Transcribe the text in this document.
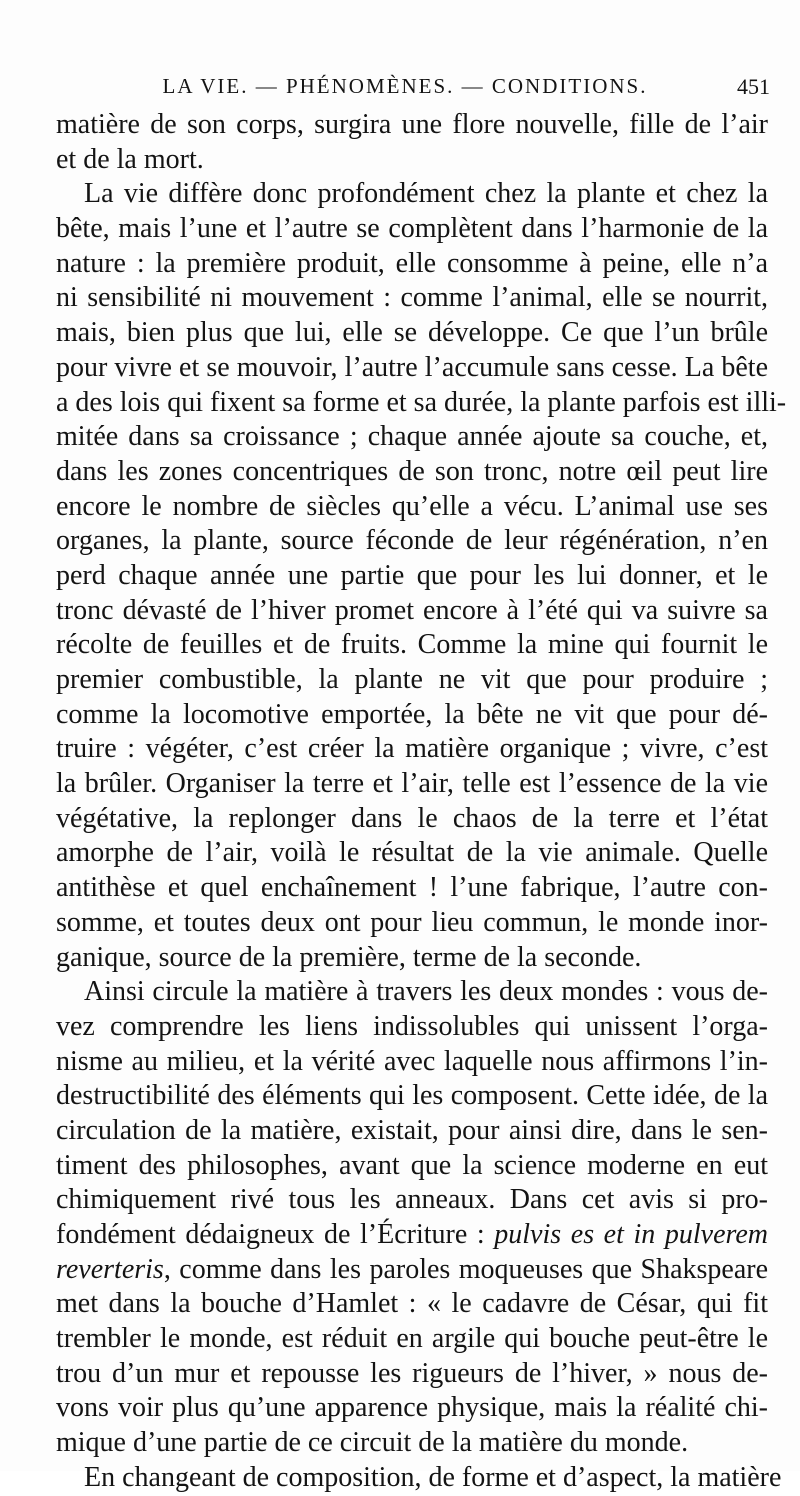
LA VIE. — PHÉNOMÈNES. — CONDITIONS.	451
matière de son corps, surgira une flore nouvelle, fille de l’air
et de la mort.
La vie diffère donc profondément chez la plante et chez la
bête, mais l’une et l’autre se complètent dans l’harmonie de la
nature : la première produit, elle consomme à peine, elle n’a
ni sensibilité ni mouvement : comme l’animal, elle se nourrit,
mais, bien plus que lui, elle se développe. Ce que l’un brûle
pour vivre et se mouvoir, l’autre l’accumule sans cesse. La bête
a des lois qui fixent sa forme et sa durée, la plante parfois est illi-
mitée dans sa croissance ; chaque année ajoute sa couche, et,
dans les zones concentriques de son tronc, notre œil peut lire
encore le nombre de siècles qu’elle a vécu. L’animal use ses
organes, la plante, source féconde de leur régénération, n’en
perd chaque année une partie que pour les lui donner, et le
tronc dévasté de l’hiver promet encore à l’été qui va suivre sa
récolte de feuilles et de fruits. Comme la mine qui fournit le
premier combustible, la plante ne vit que pour produire ;
comme la locomotive emportée, la bête ne vit que pour dé-
truire : végéter, c’est créer la matière organique ; vivre, c’est
la brûler. Organiser la terre et l’air, telle est l’essence de la vie
végétative, la replonger dans le chaos de la terre et l’état
amorphe de l’air, voilà le résultat de la vie animale. Quelle
antithèse et quel enchaînement ! l’une fabrique, l’autre con-
somme, et toutes deux ont pour lieu commun, le monde inor-
ganique, source de la première, terme de la seconde.
Ainsi circule la matière à travers les deux mondes : vous de-
vez comprendre les liens indissolubles qui unissent l’orga-
nisme au milieu, et la vérité avec laquelle nous affirmons l’in-
destructibilité des éléments qui les composent. Cette idée, de la
circulation de la matière, existait, pour ainsi dire, dans le sen-
timent des philosophes, avant que la science moderne en eut
chimiquement rivé tous les anneaux. Dans cet avis si pro-
fondément dédaigneux de l’Écriture : pulvis es et in pulverem
reverteris, comme dans les paroles moqueuses que Shakspeare
met dans la bouche d’Hamlet : « le cadavre de César, qui fit
trembler le monde, est réduit en argile qui bouche peut-être le
trou d’un mur et repousse les rigueurs de l’hiver, » nous de-
vons voir plus qu’une apparence physique, mais la réalité chi-
mique d’une partie de ce circuit de la matière du monde.
En changeant de composition, de forme et d’aspect, la matière
